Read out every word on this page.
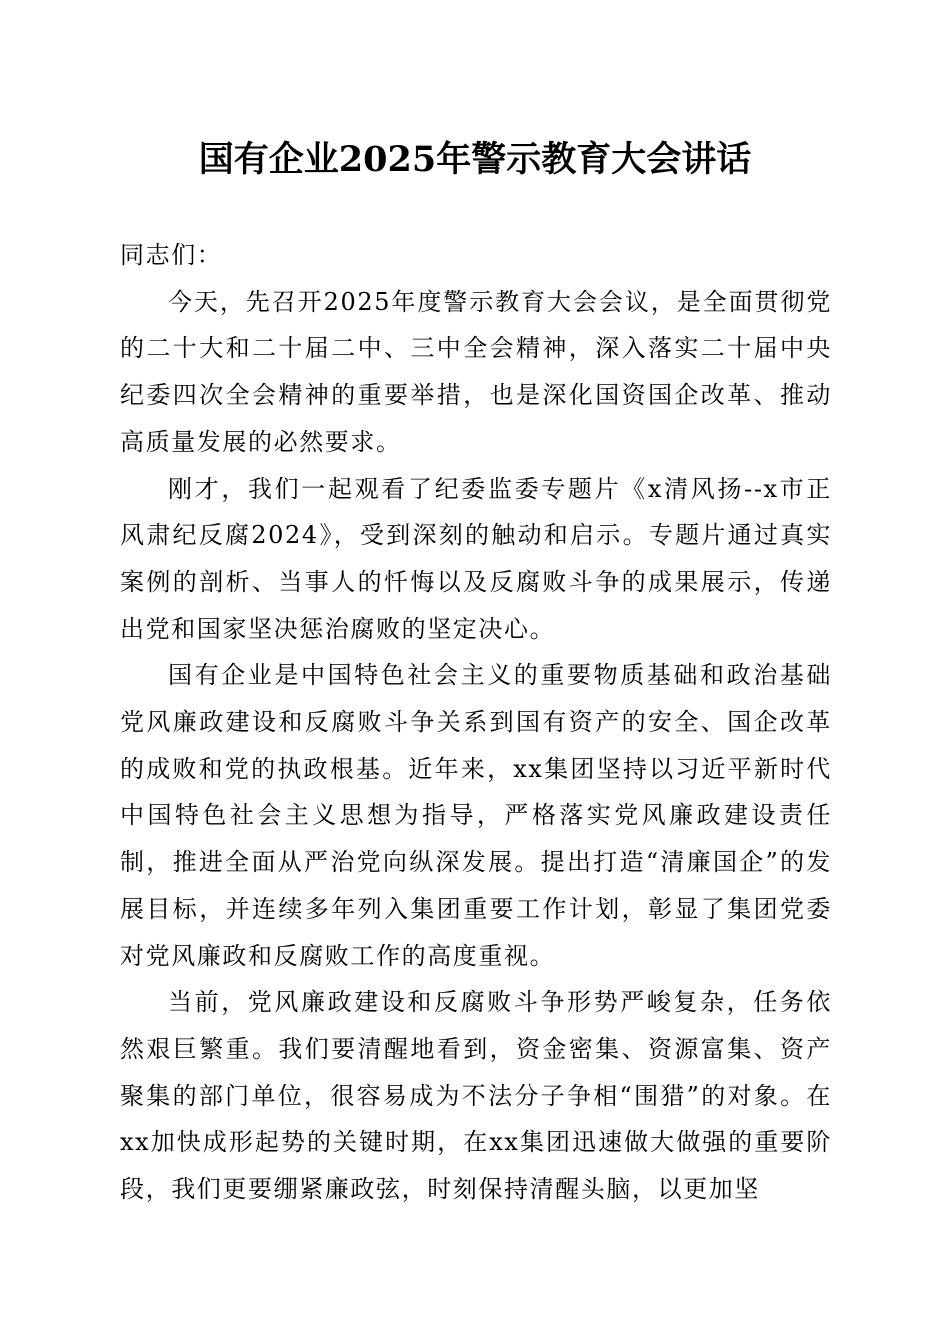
国有企业2025年警示教育大会讲话

同志们：

今天，先召开2025年度警示教育大会会议，是全面贯彻党的二十大和二十届二中、三中全会精神，深入落实二十届中央纪委四次全会精神的重要举措，也是深化国资国企改革、推动高质量发展的必然要求。

刚才，我们一起观看了纪委监委专题片《x清风扬--x市正风肃纪反腐2024》，受到深刻的触动和启示。专题片通过真实案例的剖析、当事人的忏悔以及反腐败斗争的成果展示，传递出党和国家坚决惩治腐败的坚定决心。

国有企业是中国特色社会主义的重要物质基础和政治基础党风廉政建设和反腐败斗争关系到国有资产的安全、国企改革的成败和党的执政根基。近年来，xx集团坚持以习近平新时代中国特色社会主义思想为指导，严格落实党风廉政建设责任制，推进全面从严治党向纵深发展。提出打造“清廉国企”的发展目标，并连续多年列入集团重要工作计划，彰显了集团党委对党风廉政和反腐败工作的高度重视。

当前，党风廉政建设和反腐败斗争形势严峻复杂，任务依然艰巨繁重。我们要清醒地看到，资金密集、资源富集、资产聚集的部门单位，很容易成为不法分子争相“围猎”的对象。在xx加快成形起势的关键时期，在xx集团迅速做大做强的重要阶段，我们更要绷紧廉政弦，时刻保持清醒头脑，以更加坚
